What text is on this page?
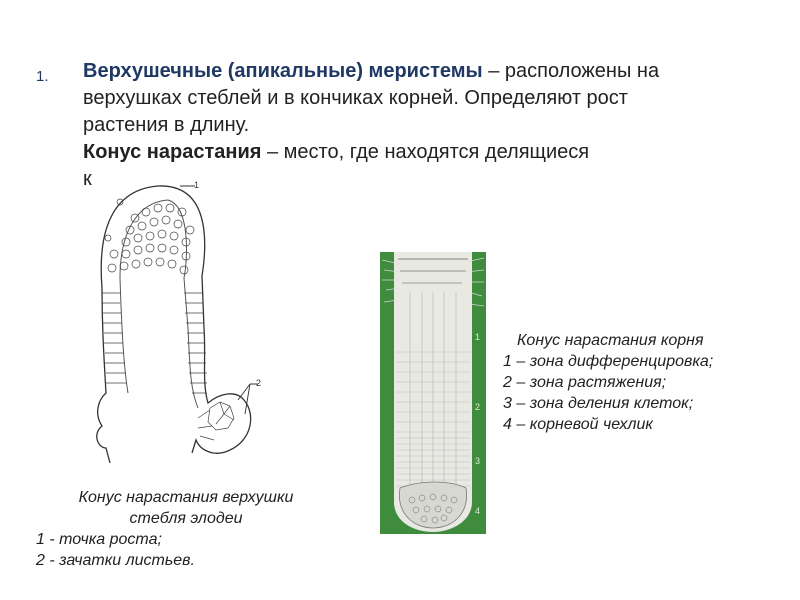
1. Верхушечные (апикальные) меристемы – расположены на
верхушках стеблей и в кончиках корней. Определяют рост
растения в длину.
Конус нарастания – место, где находятся делящиеся
к	1
2
1
2
3
4
Конус нарастания корня
1 – зона дифференцировка;
2 – зона растяжения;
3 – зона деления клеток;
4 – корневой чехлик
Конус нарастания верхушки
стебля элодеи
1 - точка роста;
2 - зачатки листьев.
